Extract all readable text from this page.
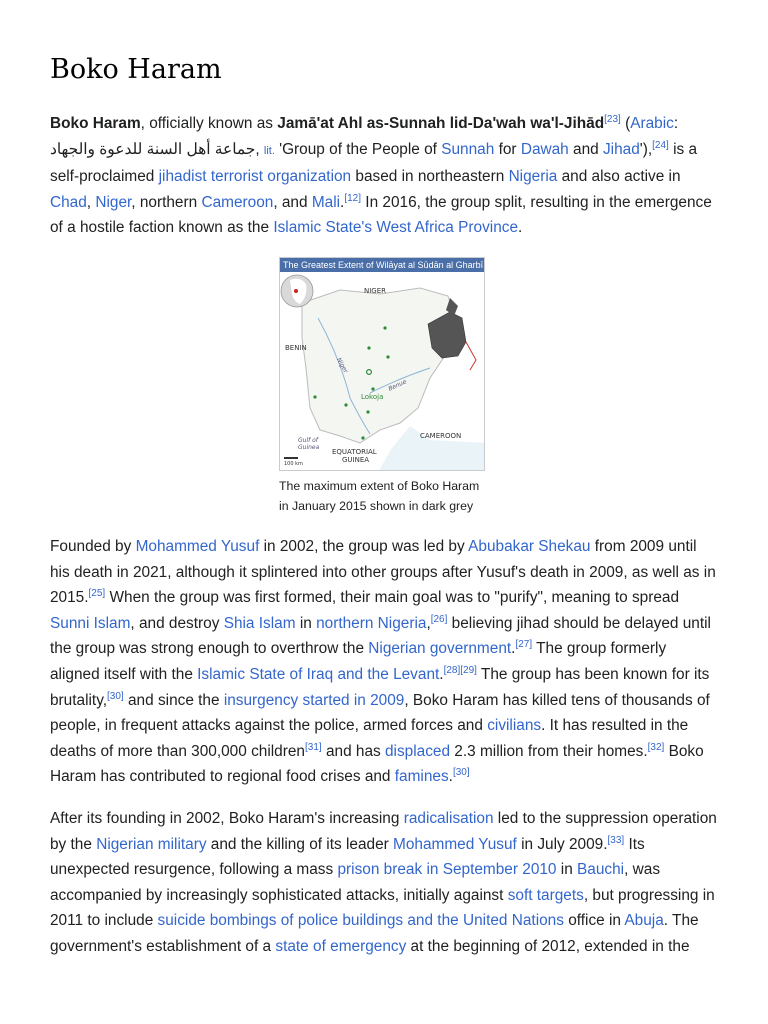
Boko Haram

Boko Haram, officially known as Jamā'at Ahl as-Sunnah lid-Da'wah wa'l-Jihād[23] (Arabic: جماعة أهل السنة للدعوة والجهاد, lit. 'Group of the People of Sunnah for Dawah and Jihad'),[24] is a self-proclaimed jihadist terrorist organization based in northeastern Nigeria and also active in Chad, Niger, northern Cameroon, and Mali.[12] In 2016, the group split, resulting in the emergence of a hostile faction known as the Islamic State's West Africa Province.

The Greatest Extent of Wilāyat al Sūdān al Gharbī
NIGER
BENIN
CAMEROON
EQUATORIAL
GUINEA
Gulf of
Guinea
Lokoja
Niger
Benue
100 km
The maximum extent of Boko Haram in January 2015 shown in dark grey

Founded by Mohammed Yusuf in 2002, the group was led by Abubakar Shekau from 2009 until his death in 2021, although it splintered into other groups after Yusuf's death in 2009, as well as in 2015.[25] When the group was first formed, their main goal was to "purify", meaning to spread Sunni Islam, and destroy Shia Islam in northern Nigeria,[26] believing jihad should be delayed until the group was strong enough to overthrow the Nigerian government.[27] The group formerly aligned itself with the Islamic State of Iraq and the Levant.[28][29] The group has been known for its brutality,[30] and since the insurgency started in 2009, Boko Haram has killed tens of thousands of people, in frequent attacks against the police, armed forces and civilians. It has resulted in the deaths of more than 300,000 children[31] and has displaced 2.3 million from their homes.[32] Boko Haram has contributed to regional food crises and famines.[30]

After its founding in 2002, Boko Haram's increasing radicalisation led to the suppression operation by the Nigerian military and the killing of its leader Mohammed Yusuf in July 2009.[33] Its unexpected resurgence, following a mass prison break in September 2010 in Bauchi, was accompanied by increasingly sophisticated attacks, initially against soft targets, but progressing in 2011 to include suicide bombings of police buildings and the United Nations office in Abuja. The government's establishment of a state of emergency at the beginning of 2012, extended in the
